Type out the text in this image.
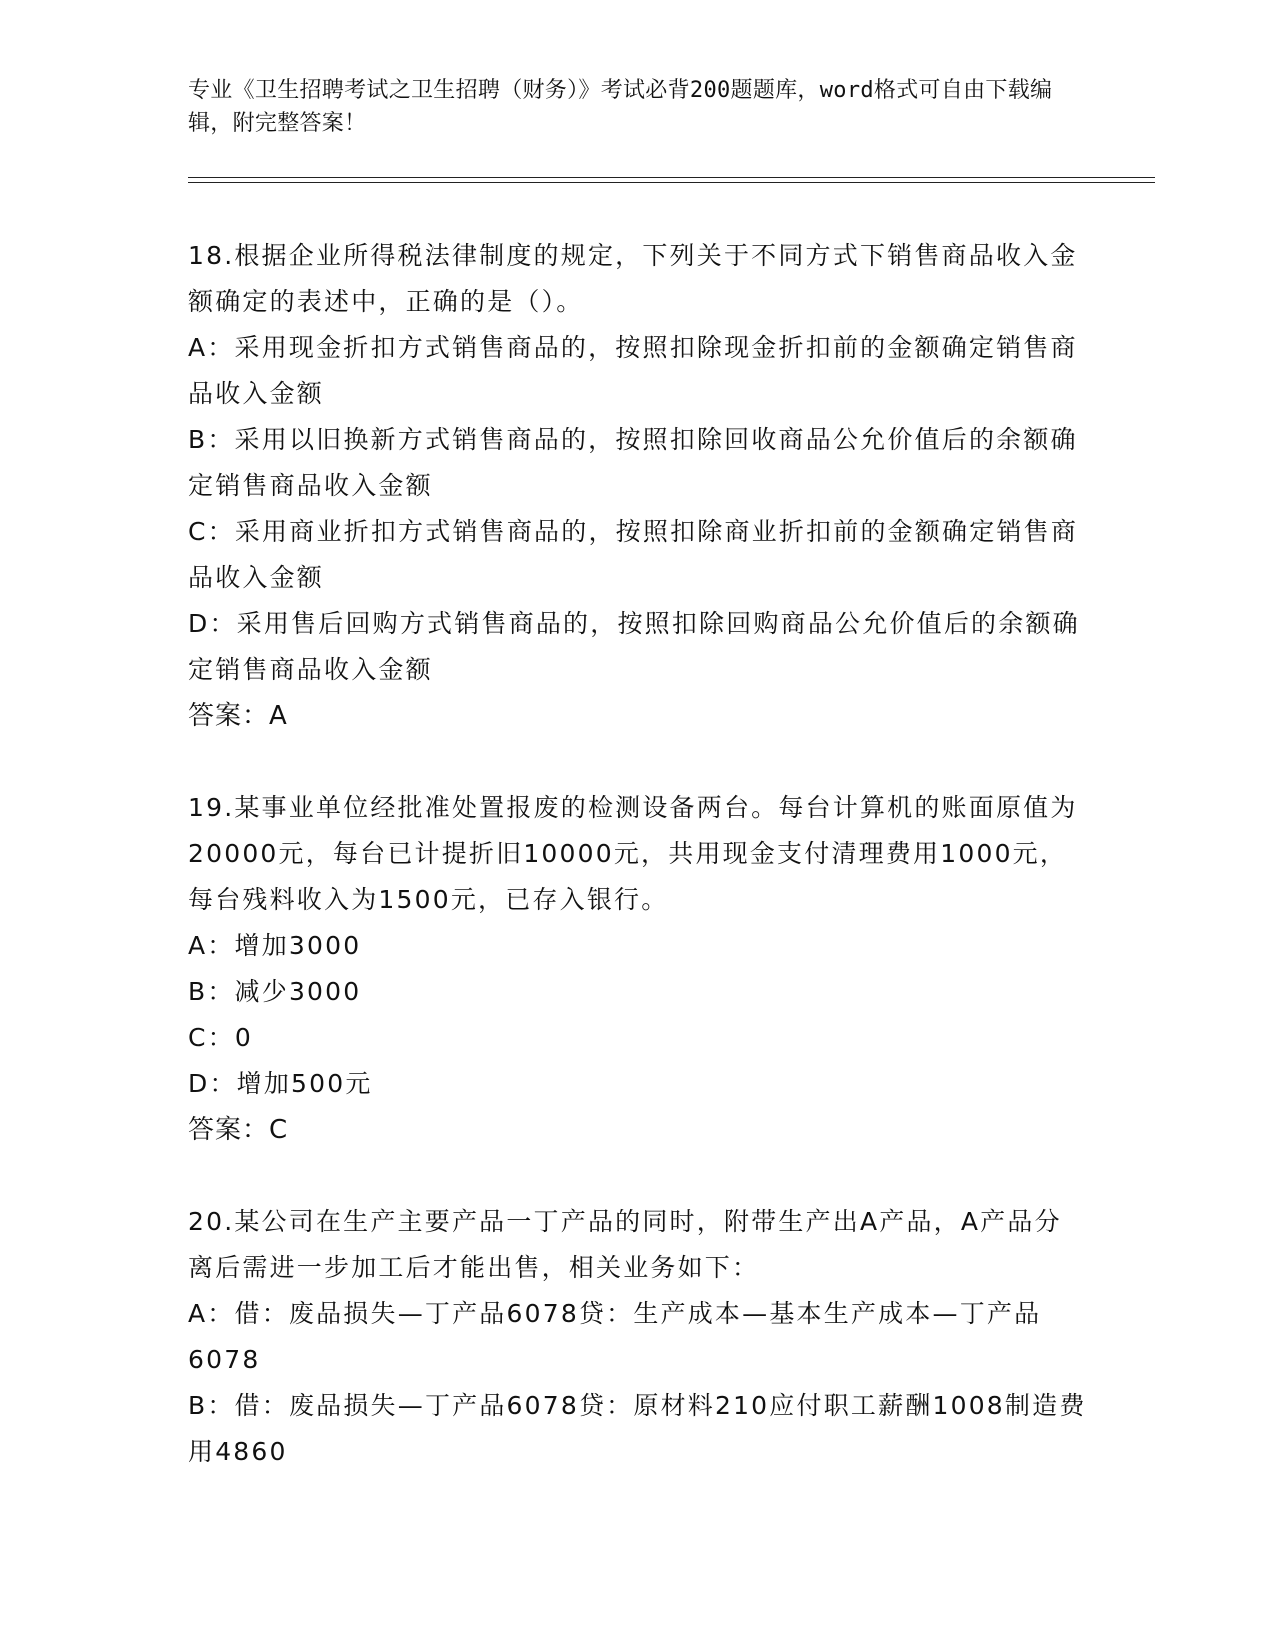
专业《卫生招聘考试之卫生招聘（财务）》考试必背200题题库，word格式可自由下载编辑，附完整答案！

18.根据企业所得税法律制度的规定，下列关于不同方式下销售商品收入金额确定的表述中，正确的是（）。

A：采用现金折扣方式销售商品的，按照扣除现金折扣前的金额确定销售商品收入金额

B：采用以旧换新方式销售商品的，按照扣除回收商品公允价值后的余额确定销售商品收入金额

C：采用商业折扣方式销售商品的，按照扣除商业折扣前的金额确定销售商品收入金额

D：采用售后回购方式销售商品的，按照扣除回购商品公允价值后的余额确定销售商品收入金额

答案：A

19.某事业单位经批准处置报废的检测设备两台。每台计算机的账面原值为20000元，每台已计提折旧10000元，共用现金支付清理费用1000元，每台残料收入为1500元，已存入银行。

A：增加3000

B：减少3000

C：0

D：增加500元

答案：C

20.某公司在生产主要产品一丁产品的同时，附带生产出A产品，A产品分离后需进一步加工后才能出售，相关业务如下：

A：借：废品损失—丁产品6078贷：生产成本—基本生产成本—丁产品6078

B：借：废品损失—丁产品6078贷：原材料210应付职工薪酬1008制造费用4860
